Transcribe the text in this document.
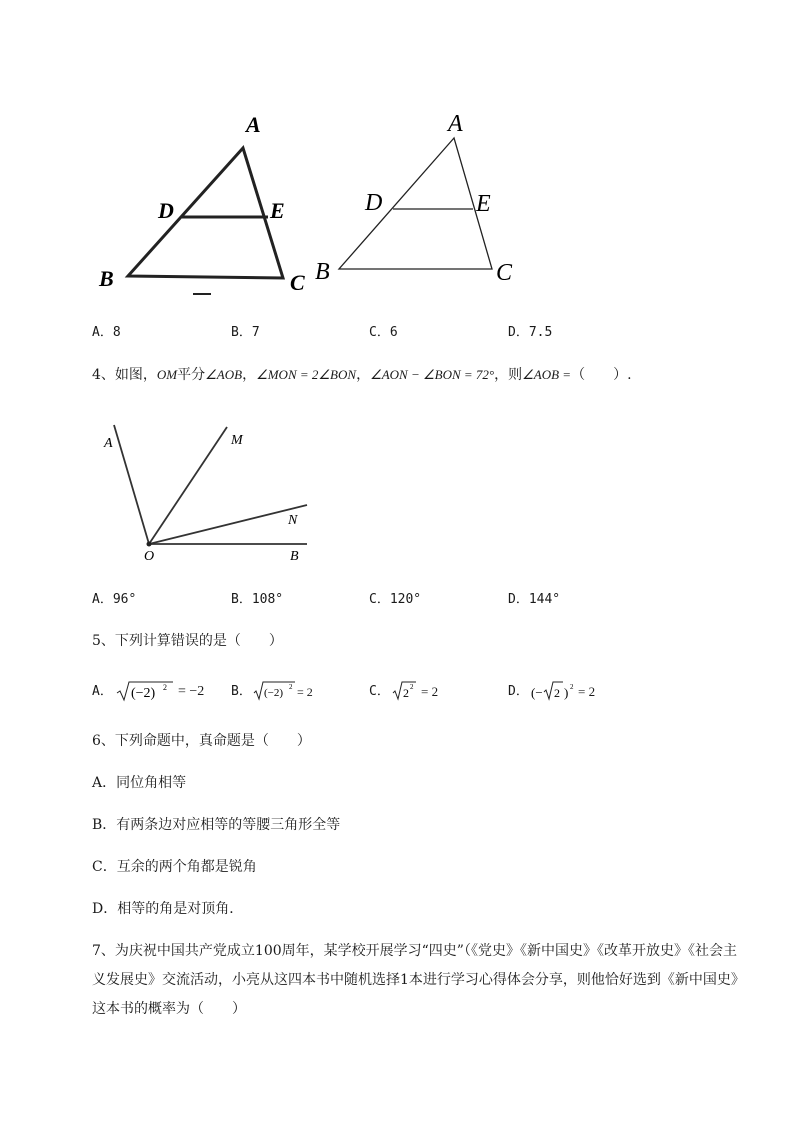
A
D	E
B	C
A
D	E
B	C
A．8	B．7	C．6	D．7.5
4、如图，OM平分∠AOB，∠MON = 2∠BON，∠AON − ∠BON = 72°，则∠AOB =（　　）.
A	M
N
O	B
A．96°	B．108°	C．120°	D．144°
5、下列计算错误的是（　　）
A． (−2) 2 = −2 B． (−2) 2 = 2	C． 2 2 = 2	D． (− 2 ) 2 = 2
6、下列命题中，真命题是（　　）
A．同位角相等
B．有两条边对应相等的等腰三角形全等
C．互余的两个角都是锐角
D．相等的角是对顶角．
7、为庆祝中国共产党成立100周年，某学校开展学习“四史”（《党史》《新中国史》《改革开放史》《社会主义发展史》交流活动，小亮从这四本书中随机选择1本进行学习心得体会分享，则他恰好选到《新中国史》这本书的概率为（　　）
